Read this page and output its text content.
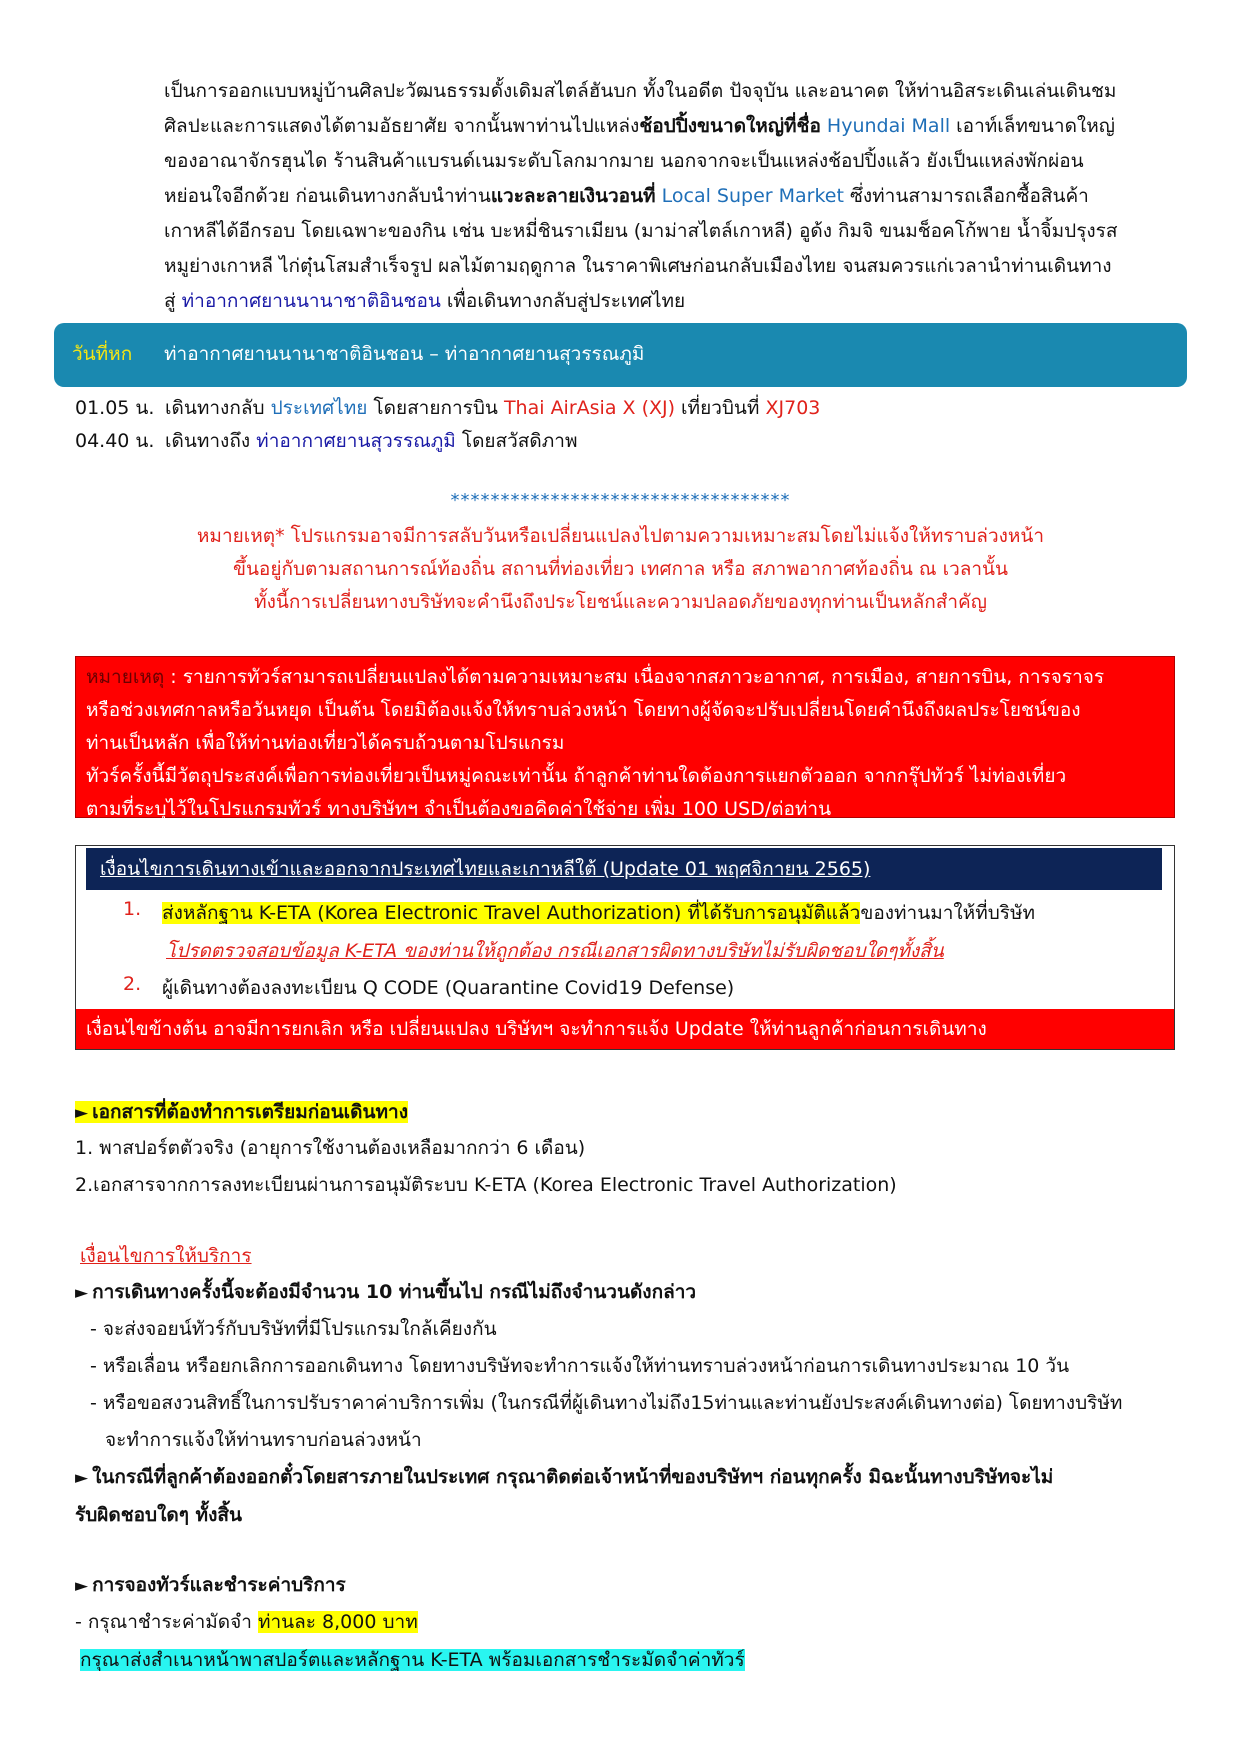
เป็นการออกแบบหมู่บ้านศิลปะวัฒนธรรมดั้งเดิมสไตล์ฮันบก ทั้งในอดีต ปัจจุบัน และอนาคต ให้ท่านอิสระเดินเล่นเดินชม

ศิลปะและการแสดงได้ตามอัธยาศัย จากนั้นพาท่านไปแหล่งช้อปปิ้งขนาดใหญ่ที่ชื่อ Hyundai Mall เอาท์เล็ทขนาดใหญ่

ของอาณาจักรฮุนได ร้านสินค้าแบรนด์เนมระดับโลกมากมาย นอกจากจะเป็นแหล่งช้อปปิ้งแล้ว ยังเป็นแหล่งพักผ่อน

หย่อนใจอีกด้วย ก่อนเดินทางกลับนำท่านแวะละลายเงินวอนที่ Local Super Market ซึ่งท่านสามารถเลือกซื้อสินค้า

เกาหลีได้อีกรอบ โดยเฉพาะของกิน เช่น บะหมี่ชินราเมียน (มาม่าสไตล์เกาหลี) อูด้ง กิมจิ ขนมช็อคโก้พาย น้ำจิ้มปรุงรส

หมูย่างเกาหลี ไก่ตุ๋นโสมสำเร็จรูป ผลไม้ตามฤดูกาล ในราคาพิเศษก่อนกลับเมืองไทย จนสมควรแก่เวลานำท่านเดินทาง

สู่ ท่าอากาศยานนานาชาติอินชอน เพื่อเดินทางกลับสู่ประเทศไทย

วันที่หก ท่าอากาศยานนานาชาติอินชอน – ท่าอากาศยานสุวรรณภูมิ
01.05 น. เดินทางกลับ ประเทศไทย โดยสายการบิน Thai AirAsia X (XJ) เที่ยวบินที่ XJ703
04.40 น. เดินทางถึง ท่าอากาศยานสุวรรณภูมิ โดยสวัสดิภาพ
**********************************

หมายเหตุ* โปรแกรมอาจมีการสลับวันหรือเปลี่ยนแปลงไปตามความเหมาะสมโดยไม่แจ้งให้ทราบล่วงหน้า

ขึ้นอยู่กับตามสถานการณ์ท้องถิ่น สถานที่ท่องเที่ยว เทศกาล หรือ สภาพอากาศท้องถิ่น ณ เวลานั้น

ทั้งนี้การเปลี่ยนทางบริษัทจะคำนึงถึงประโยชน์และความปลอดภัยของทุกท่านเป็นหลักสำคัญ

หมายเหตุ : รายการทัวร์สามารถเปลี่ยนแปลงได้ตามความเหมาะสม เนื่องจากสภาวะอากาศ, การเมือง, สายการบิน, การจราจร

หรือช่วงเทศกาลหรือวันหยุด เป็นต้น โดยมิต้องแจ้งให้ทราบล่วงหน้า โดยทางผู้จัดจะปรับเปลี่ยนโดยคำนึงถึงผลประโยชน์ของ

ท่านเป็นหลัก เพื่อให้ท่านท่องเที่ยวได้ครบถ้วนตามโปรแกรม

ทัวร์ครั้งนี้มีวัตถุประสงค์เพื่อการท่องเที่ยวเป็นหมู่คณะเท่านั้น ถ้าลูกค้าท่านใดต้องการแยกตัวออก จากกรุ๊ปทัวร์ ไม่ท่องเที่ยว

ตามที่ระบุไว้ในโปรแกรมทัวร์ ทางบริษัทฯ จำเป็นต้องขอคิดค่าใช้จ่าย เพิ่ม 100 USD/ต่อท่าน

เงื่อนไขการเดินทางเข้าและออกจากประเทศไทยและเกาหลีใต้ (Update 01 พฤศจิกายน 2565)
1. ส่งหลักฐาน K-ETA (Korea Electronic Travel Authorization) ที่ได้รับการอนุมัติแล้วของท่านมาให้ที่บริษัท
โปรดตรวจสอบข้อมูล K-ETA ของท่านให้ถูกต้อง กรณีเอกสารผิดทางบริษัทไม่รับผิดชอบใดๆทั้งสิ้น
2. ผู้เดินทางต้องลงทะเบียน Q CODE (Quarantine Covid19 Defense)
เงื่อนไขข้างต้น อาจมีการยกเลิก หรือ เปลี่ยนแปลง บริษัทฯ จะทำการแจ้ง Update ให้ท่านลูกค้าก่อนการเดินทาง
► เอกสารที่ต้องทำการเตรียมก่อนเดินทาง
1. พาสปอร์ตตัวจริง (อายุการใช้งานต้องเหลือมากกว่า 6 เดือน)
2.เอกสารจากการลงทะเบียนผ่านการอนุมัติระบบ K-ETA (Korea Electronic Travel Authorization)
เงื่อนไขการให้บริการ
► การเดินทางครั้งนี้จะต้องมีจำนวน 10 ท่านขึ้นไป กรณีไม่ถึงจำนวนดังกล่าว
- จะส่งจอยน์ทัวร์กับบริษัทที่มีโปรแกรมใกล้เคียงกัน
- หรือเลื่อน หรือยกเลิกการออกเดินทาง โดยทางบริษัทจะทำการแจ้งให้ท่านทราบล่วงหน้าก่อนการเดินทางประมาณ 10 วัน
- หรือขอสงวนสิทธิ์ในการปรับราคาค่าบริการเพิ่ม (ในกรณีที่ผู้เดินทางไม่ถึง15ท่านและท่านยังประสงค์เดินทางต่อ) โดยทางบริษัท
จะทำการแจ้งให้ท่านทราบก่อนล่วงหน้า
► ในกรณีที่ลูกค้าต้องออกตั๋วโดยสารภายในประเทศ กรุณาติดต่อเจ้าหน้าที่ของบริษัทฯ ก่อนทุกครั้ง มิฉะนั้นทางบริษัทจะไม่
รับผิดชอบใดๆ ทั้งสิ้น
► การจองทัวร์และชำระค่าบริการ
- กรุณาชำระค่ามัดจำ ท่านละ 8,000 บาท
กรุณาส่งสำเนาหน้าพาสปอร์ตและหลักฐาน K-ETA พร้อมเอกสารชำระมัดจำค่าทัวร์
